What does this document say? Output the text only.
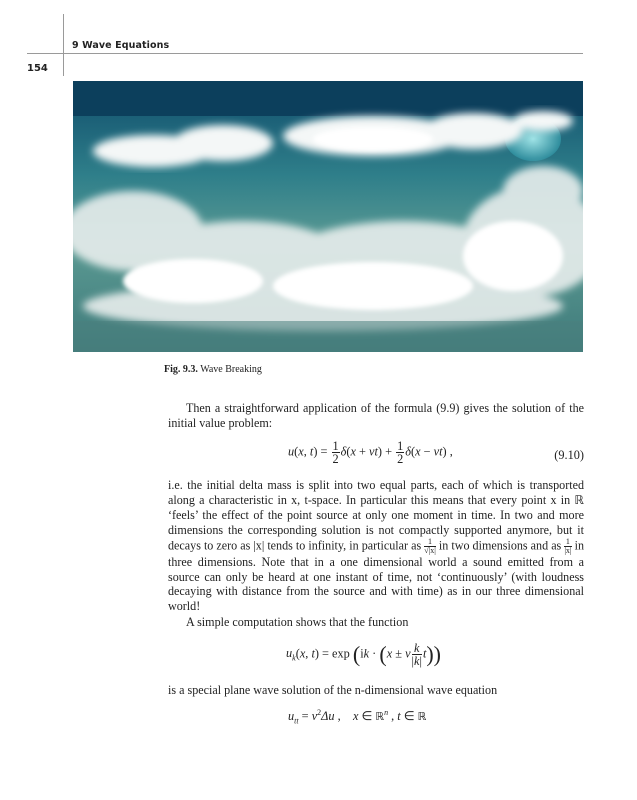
9 Wave Equations
154
Fig. 9.3. Wave Breaking
Then a straightforward application of the formula (9.9) gives the solution of the initial value problem:
u(x, $t) = \frac{1}{2} \delta(x + vt) + \frac{1}{2} \delta(x - vt)$ ,	(9.10)
i.e. the initial delta mass is split into two equal parts, each of which is transported along a characteristic in x, t-space. In particular this means that every point x in ℝ ‘feels’ the effect of the point source at only one moment in time. In two and more dimensions the corresponding solution is not compactly supported anymore, but it decays to zero as |x| tends to infinity, in particular as $\frac{1}{√|x|}$ in two dimensions and as $\frac{1}{|x|}$ in three dimensions. Note that in a one dimensional world a sound emitted from a source can only be heard at one instant of time, not ‘continuously’ (with loudness decaying with distance from the source and with time) as in our three dimensional world!
A simple computation shows that the function
$u_k(x$, t) = exp (ik · (x ± v $\frac{k}{|k|} t$))
is a special plane wave solution of the n-dimensional wave equation
$u_{tt} = v^2\Delta u$ ,    x ∈ ℝ$^n$ , t ∈ ℝ
